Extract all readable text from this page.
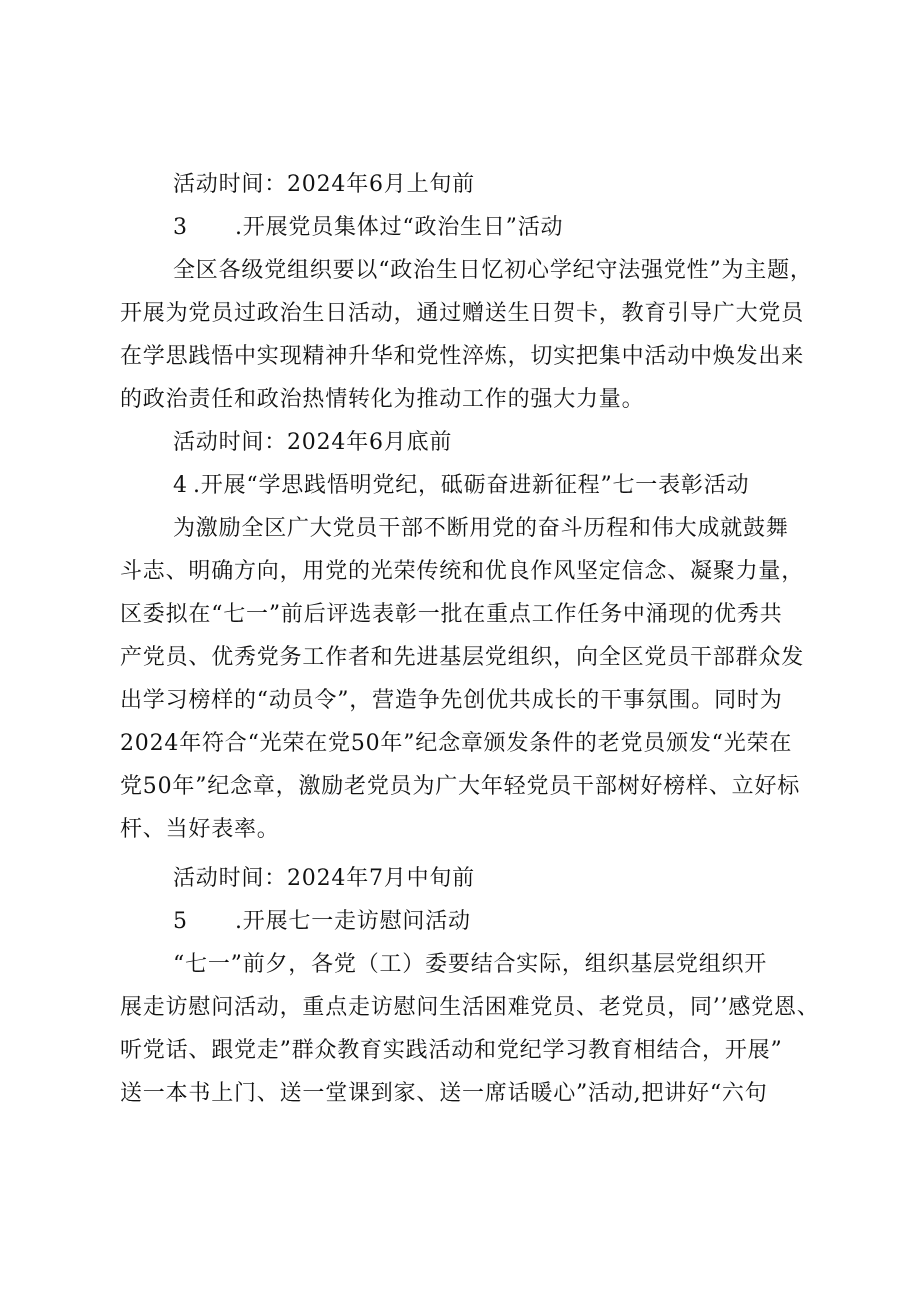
活动时间：2024年6月上旬前
3 .开展党员集体过“政治生日”活动
全区各级党组织要以“政治生日忆初心学纪守法强党性”为主题，
开展为党员过政治生日活动，通过赠送生日贺卡，教育引导广大党员
在学思践悟中实现精神升华和党性淬炼，切实把集中活动中焕发出来
的政治责任和政治热情转化为推动工作的强大力量。
活动时间：2024年6月底前
4 .开展“学思践悟明党纪，砥砺奋进新征程”七一表彰活动
为激励全区广大党员干部不断用党的奋斗历程和伟大成就鼓舞
斗志、明确方向，用党的光荣传统和优良作风坚定信念、凝聚力量，
区委拟在“七一”前后评选表彰一批在重点工作任务中涌现的优秀共
产党员、优秀党务工作者和先进基层党组织，向全区党员干部群众发
出学习榜样的“动员令”，营造争先创优共成长的干事氛围。同时为
2024年符合“光荣在党50年”纪念章颁发条件的老党员颁发“光荣在
党50年”纪念章，激励老党员为广大年轻党员干部树好榜样、立好标
杆、当好表率。
活动时间：2024年7月中旬前
5 .开展七一走访慰问活动
“七一”前夕，各党（工）委要结合实际，组织基层党组织开
展走访慰问活动，重点走访慰问生活困难党员、老党员，同’’感党恩、
听党话、跟党走”群众教育实践活动和党纪学习教育相结合，开展”
送一本书上门、送一堂课到家、送一席话暖心”活动,把讲好“六句
